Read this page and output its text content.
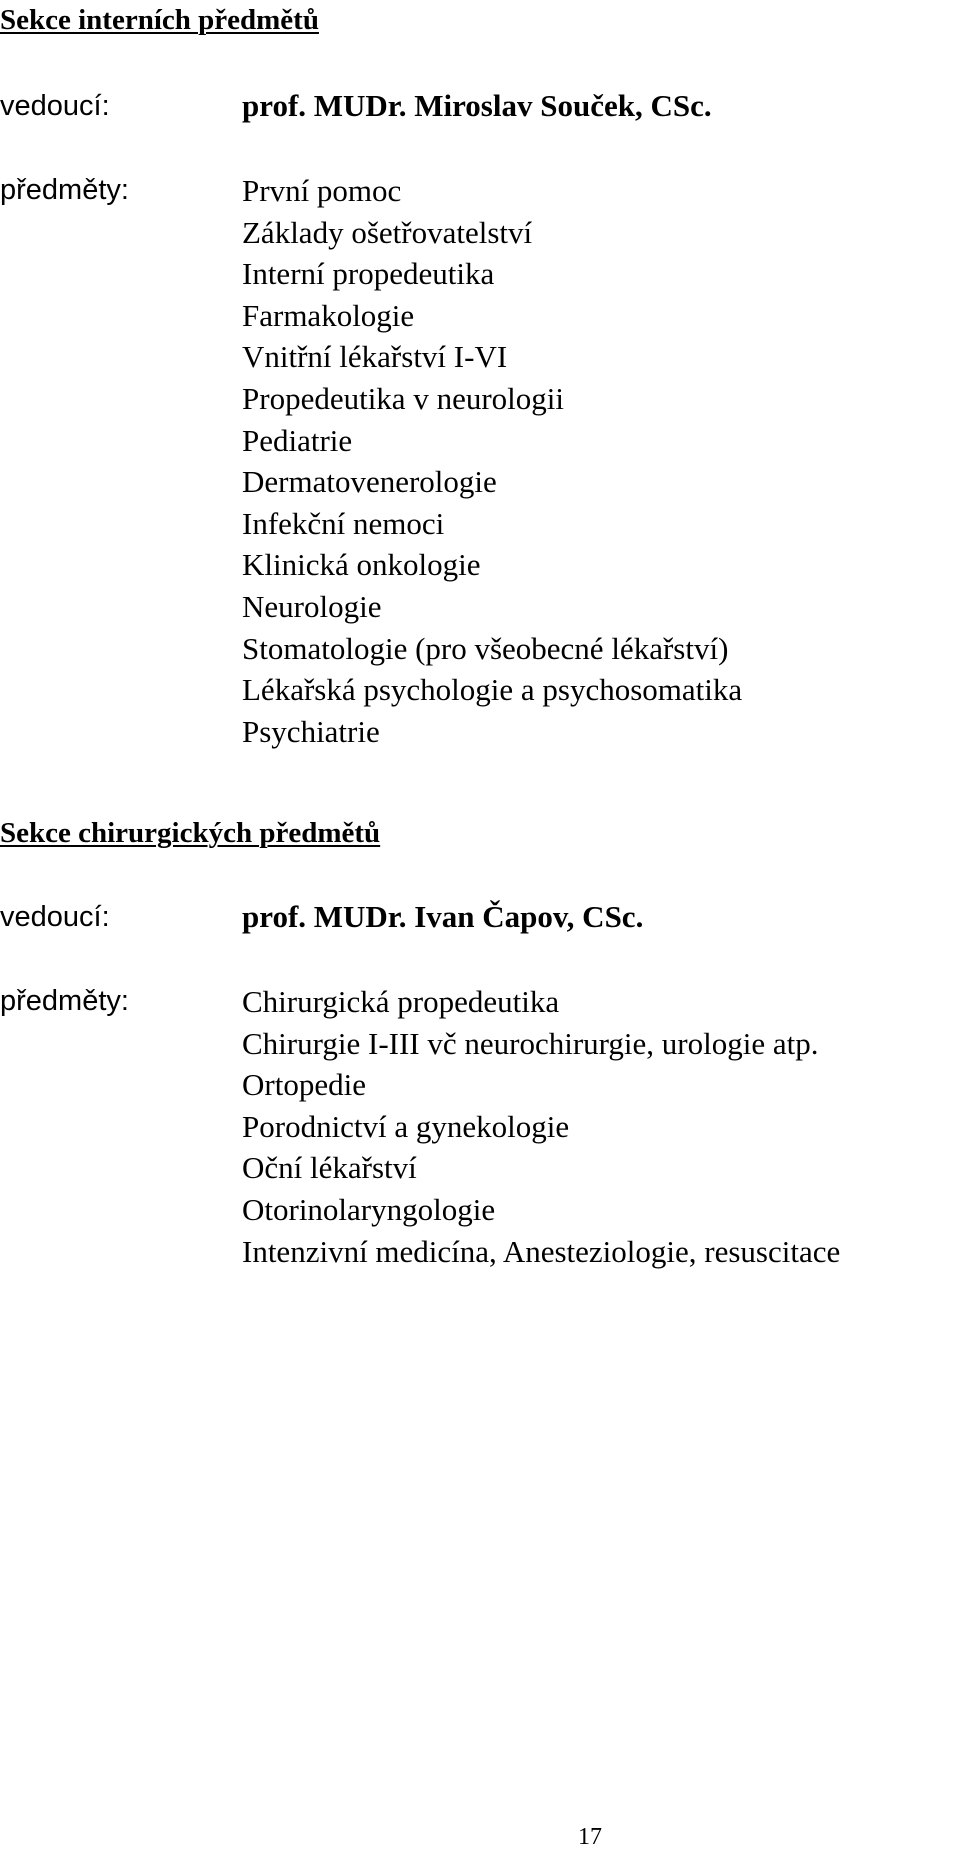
Sekce interních předmětů
vedoucí:	prof. MUDr. Miroslav Souček, CSc.
předměty:	První pomoc
Základy ošetřovatelství
Interní propedeutika
Farmakologie
Vnitřní lékařství I-VI
Propedeutika v neurologii
Pediatrie
Dermatovenerologie
Infekční nemoci
Klinická onkologie
Neurologie
Stomatologie (pro všeobecné lékařství)
Lékařská psychologie a psychosomatika
Psychiatrie
Sekce chirurgických předmětů
vedoucí:	prof. MUDr. Ivan Čapov, CSc.
předměty:	Chirurgická propedeutika
Chirurgie I-III vč neurochirurgie, urologie atp.
Ortopedie
Porodnictví a gynekologie
Oční lékařství
Otorinolaryngologie
Intenzivní medicína, Anesteziologie, resuscitace
17
